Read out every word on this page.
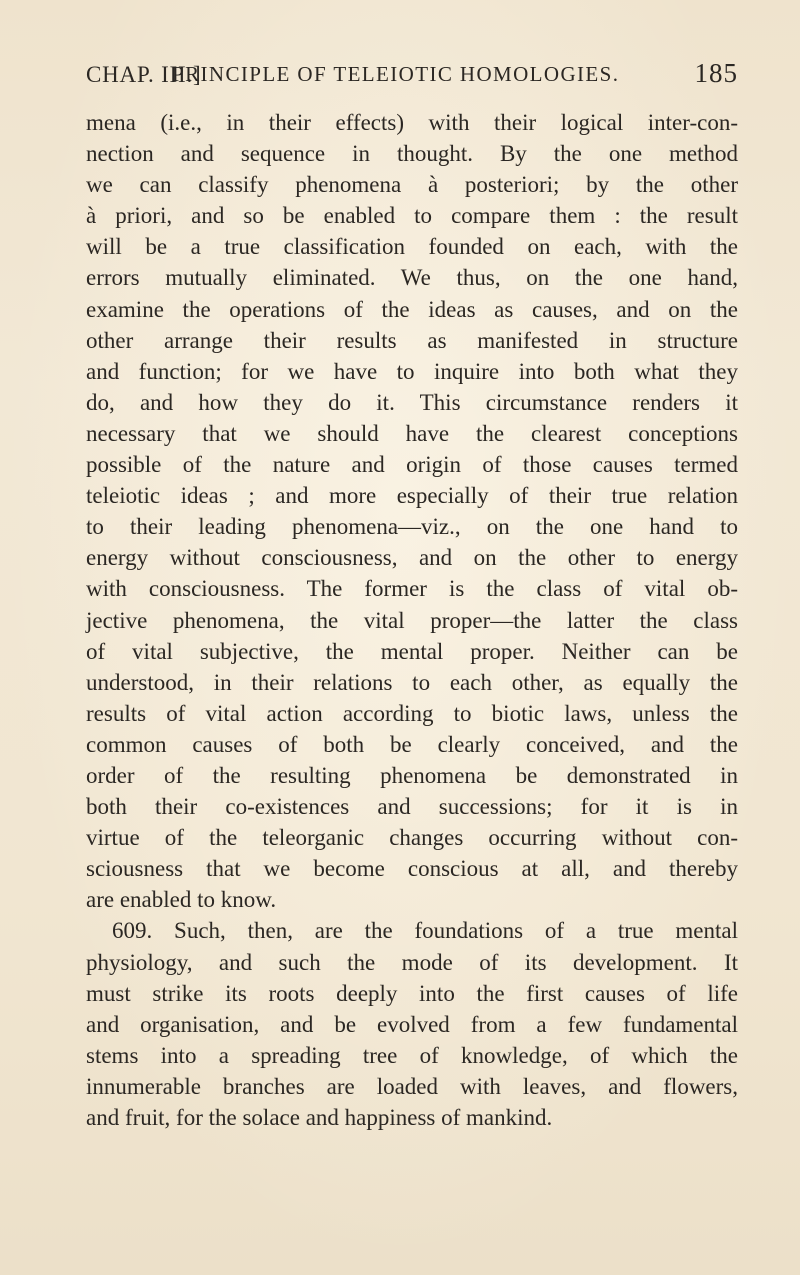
CHAP. III.]
PRINCIPLE OF TELEIOTIC HOMOLOGIES.	185
mena (i.e., in their effects) with their logical inter-con-
nection and sequence in thought. By the one method
we can classify phenomena à posteriori; by the other
à priori, and so be enabled to compare them : the result
will be a true classification founded on each, with the
errors mutually eliminated. We thus, on the one hand,
examine the operations of the ideas as causes, and on the
other arrange their results as manifested in structure
and function; for we have to inquire into both what they
do, and how they do it. This circumstance renders it
necessary that we should have the clearest conceptions
possible of the nature and origin of those causes termed
teleiotic ideas ; and more especially of their true relation
to their leading phenomena—viz., on the one hand to
energy without consciousness, and on the other to energy
with consciousness. The former is the class of vital ob-
jective phenomena, the vital proper—the latter the class
of vital subjective, the mental proper. Neither can be
understood, in their relations to each other, as equally the
results of vital action according to biotic laws, unless the
common causes of both be clearly conceived, and the
order of the resulting phenomena be demonstrated in
both their co-existences and successions; for it is in
virtue of the teleorganic changes occurring without con-
sciousness that we become conscious at all, and thereby
are enabled to know.
609. Such, then, are the foundations of a true mental
physiology, and such the mode of its development. It
must strike its roots deeply into the first causes of life
and organisation, and be evolved from a few fundamental
stems into a spreading tree of knowledge, of which the
innumerable branches are loaded with leaves, and flowers,
and fruit, for the solace and happiness of mankind.
